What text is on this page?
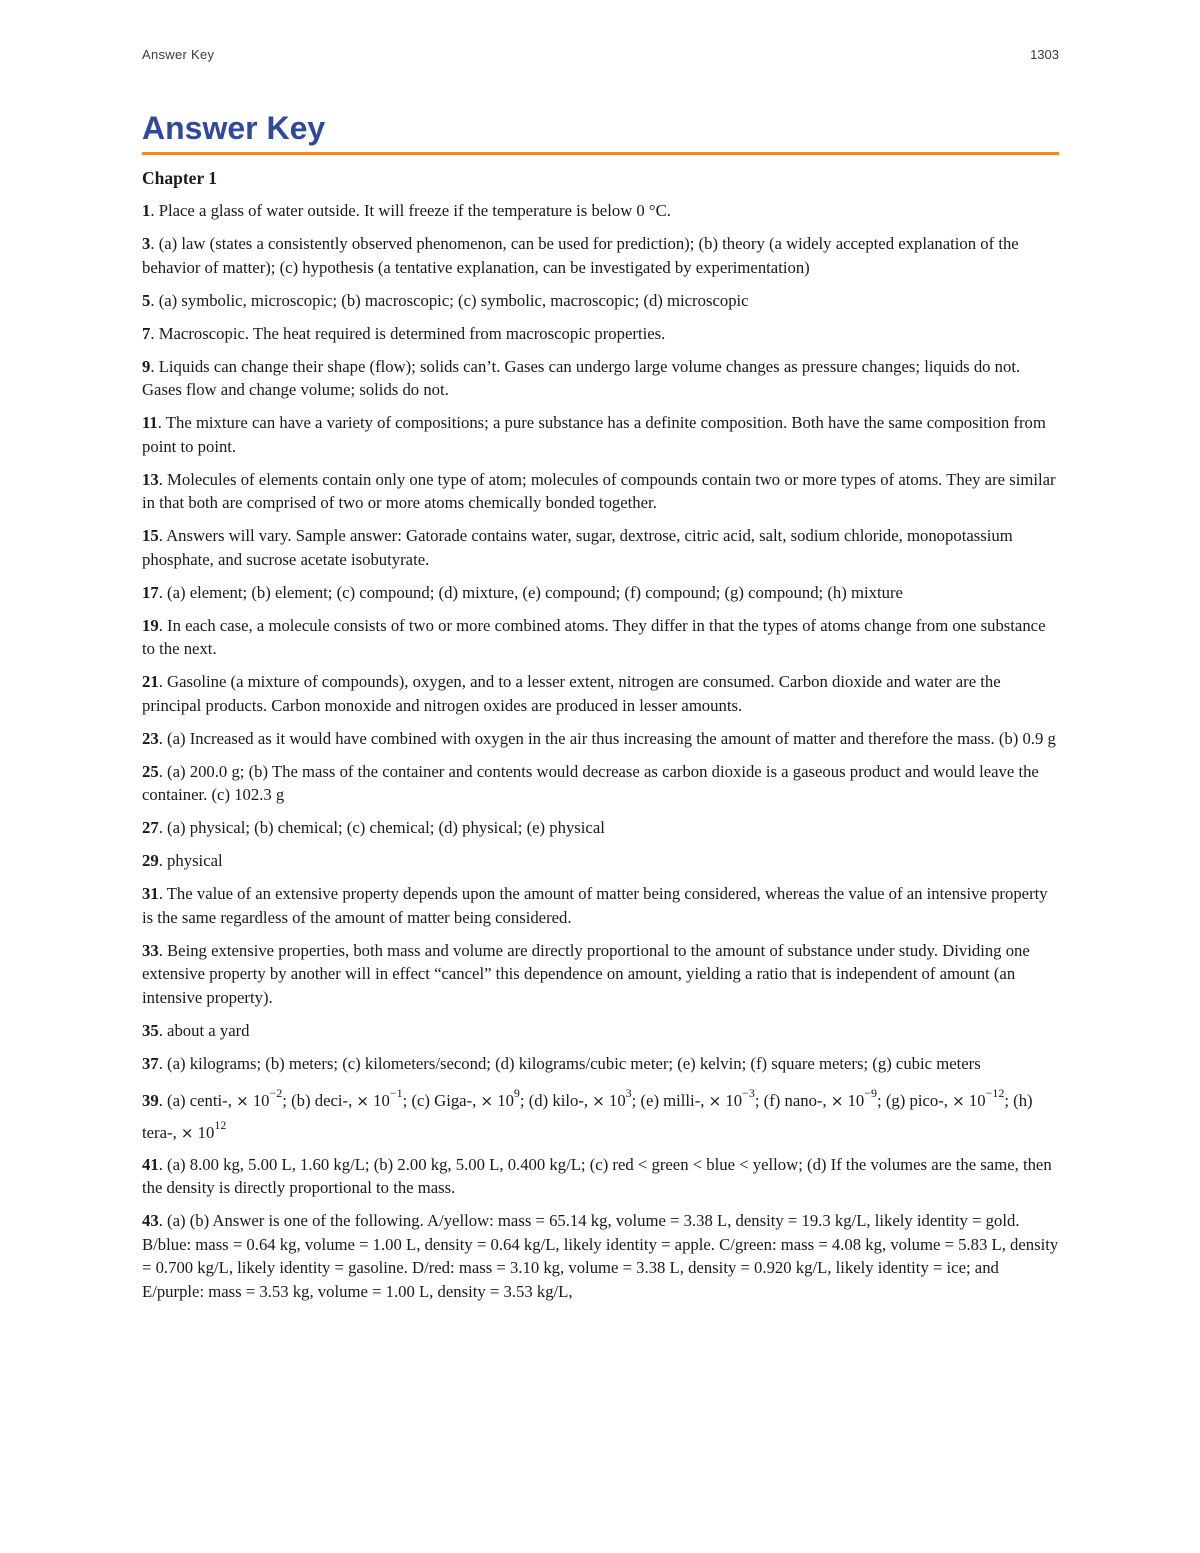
Answer Key	1303
Answer Key

Chapter 1

1. Place a glass of water outside. It will freeze if the temperature is below 0 °C.

3. (a) law (states a consistently observed phenomenon, can be used for prediction); (b) theory (a widely accepted explanation of the behavior of matter); (c) hypothesis (a tentative explanation, can be investigated by experimentation)

5. (a) symbolic, microscopic; (b) macroscopic; (c) symbolic, macroscopic; (d) microscopic

7. Macroscopic. The heat required is determined from macroscopic properties.

9. Liquids can change their shape (flow); solids can’t. Gases can undergo large volume changes as pressure changes; liquids do not. Gases flow and change volume; solids do not.

11. The mixture can have a variety of compositions; a pure substance has a definite composition. Both have the same composition from point to point.

13. Molecules of elements contain only one type of atom; molecules of compounds contain two or more types of atoms. They are similar in that both are comprised of two or more atoms chemically bonded together.

15. Answers will vary. Sample answer: Gatorade contains water, sugar, dextrose, citric acid, salt, sodium chloride, monopotassium phosphate, and sucrose acetate isobutyrate.

17. (a) element; (b) element; (c) compound; (d) mixture, (e) compound; (f) compound; (g) compound; (h) mixture

19. In each case, a molecule consists of two or more combined atoms. They differ in that the types of atoms change from one substance to the next.

21. Gasoline (a mixture of compounds), oxygen, and to a lesser extent, nitrogen are consumed. Carbon dioxide and water are the principal products. Carbon monoxide and nitrogen oxides are produced in lesser amounts.

23. (a) Increased as it would have combined with oxygen in the air thus increasing the amount of matter and therefore the mass. (b) 0.9 g

25. (a) 200.0 g; (b) The mass of the container and contents would decrease as carbon dioxide is a gaseous product and would leave the container. (c) 102.3 g

27. (a) physical; (b) chemical; (c) chemical; (d) physical; (e) physical

29. physical

31. The value of an extensive property depends upon the amount of matter being considered, whereas the value of an intensive property is the same regardless of the amount of matter being considered.

33. Being extensive properties, both mass and volume are directly proportional to the amount of substance under study. Dividing one extensive property by another will in effect “cancel” this dependence on amount, yielding a ratio that is independent of amount (an intensive property).

35. about a yard

37. (a) kilograms; (b) meters; (c) kilometers/second; (d) kilograms/cubic meter; (e) kelvin; (f) square meters; (g) cubic meters

39. (a) centi-, × $10^{-2}$; (b) deci-, × $10^{-1}$; (c) Giga-, × $10^9$; (d) kilo-, × $10^3$; (e) milli-, × $10^{-3}$; (f) nano-, × $10^{-9}$; (g) pico-, × $10^{-12}$; (h) tera-, × $10^{12}$

41. (a) 8.00 kg, 5.00 L, 1.60 kg/L; (b) 2.00 kg, 5.00 L, 0.400 kg/L; (c) red < green < blue < yellow; (d) If the volumes are the same, then the density is directly proportional to the mass.

43. (a) (b) Answer is one of the following. A/yellow: mass = 65.14 kg, volume = 3.38 L, density = 19.3 kg/L, likely identity = gold. B/blue: mass = 0.64 kg, volume = 1.00 L, density = 0.64 kg/L, likely identity = apple. C/green: mass = 4.08 kg, volume = 5.83 L, density = 0.700 kg/L, likely identity = gasoline. D/red: mass = 3.10 kg, volume = 3.38 L, density = 0.920 kg/L, likely identity = ice; and E/purple: mass = 3.53 kg, volume = 1.00 L, density = 3.53 kg/L,
